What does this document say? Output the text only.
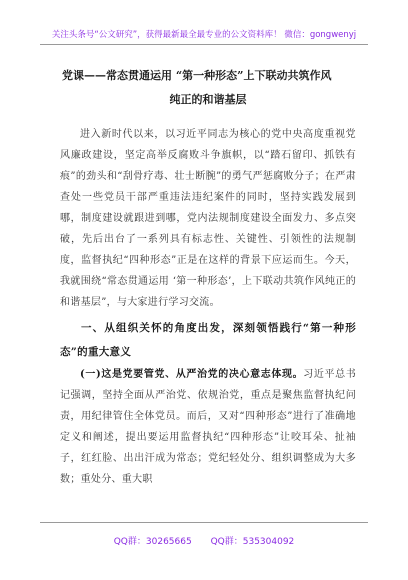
关注头条号“公文研究”，获得最新最全最专业的公文资料库！ 微信：gongwenyj
党课——常态贯通运用 “第一种形态”上下联动共筑作风
纯正的和谐基层

进入新时代以来，以习近平同志为核心的党中央高度重视党风廉政建设，坚定高举反腐败斗争旗帜，以“踏石留印、抓铁有痕”的劲头和“刮骨疗毒、壮士断腕”的勇气严惩腐败分子；在严肃查处一些党员干部严重违法违纪案件的同时，坚持实践发展到哪，制度建设就跟进到哪，党内法规制度建设全面发力、多点突破，先后出台了一系列具有标志性、关键性、引领性的法规制度，监督执纪“四种形态”正是在这样的背景下应运而生。今天，我就围绕“常态贯通运用 ‘第一种形态’，上下联动共筑作风纯正的和谐基层”，与大家进行学习交流。

一、从组织关怀的角度出发，深刻领悟践行“第一种形态”的重大意义

(一)这是党要管党、从严治党的决心意志体现。习近平总书记强调，坚持全面从严治党、依规治党，重点是聚焦监督执纪问责，用纪律管住全体党员。而后，又对“四种形态”进行了准确地定义和阐述，提出要运用监督执纪“四种形态”让咬耳朵、扯袖子，红红脸、出出汗成为常态；党纪轻处分、组织调整成为大多数；重处分、重大职

QQ群：30265665 QQ群：535304092
